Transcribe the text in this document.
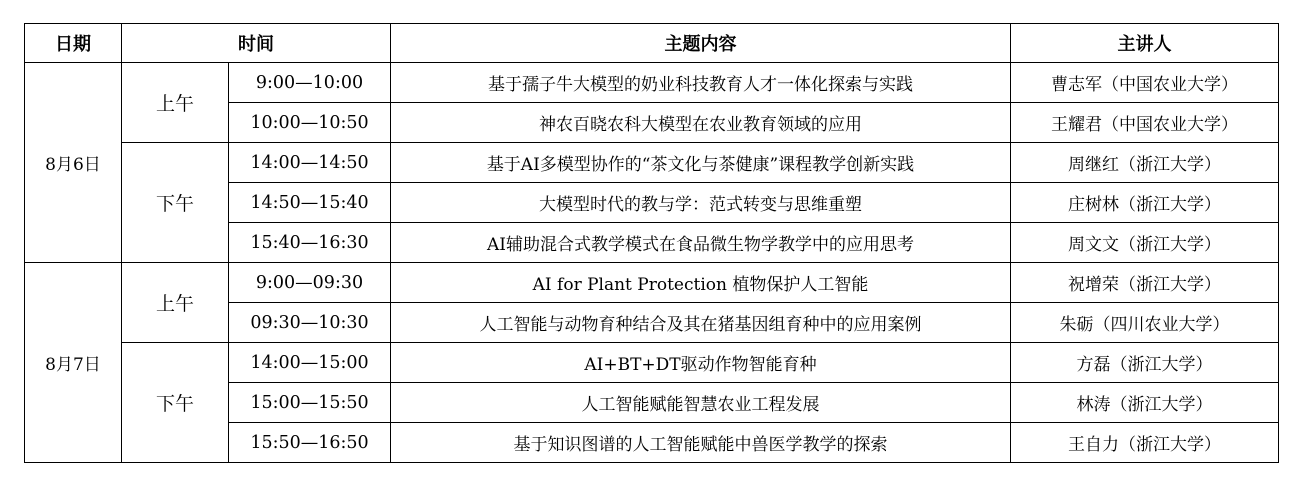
日期	时间		主题内容	主讲人
8月6日	上午	9:00—10:00	基于孺子牛大模型的奶业科技教育人才一体化探索与实践	曹志军（中国农业大学）
		10:00—10:50	神农百晓农科大模型在农业教育领域的应用	王耀君（中国农业大学）
	下午	14:00—14:50	基于AI多模型协作的“茶文化与茶健康”课程教学创新实践	周继红（浙江大学）
		14:50—15:40	大模型时代的教与学：范式转变与思维重塑	庄树林（浙江大学）
		15:40—16:30	AI辅助混合式教学模式在食品微生物学教学中的应用思考	周文文（浙江大学）
8月7日	上午	9:00—09:30	AI for Plant Protection 植物保护人工智能	祝增荣（浙江大学）
		09:30—10:30	人工智能与动物育种结合及其在猪基因组育种中的应用案例	朱砺（四川农业大学）
	下午	14:00—15:00	AI+BT+DT驱动作物智能育种	方磊（浙江大学）
		15:00—15:50	人工智能赋能智慧农业工程发展	林涛（浙江大学）
		15:50—16:50	基于知识图谱的人工智能赋能中兽医学教学的探索	王自力（浙江大学）
